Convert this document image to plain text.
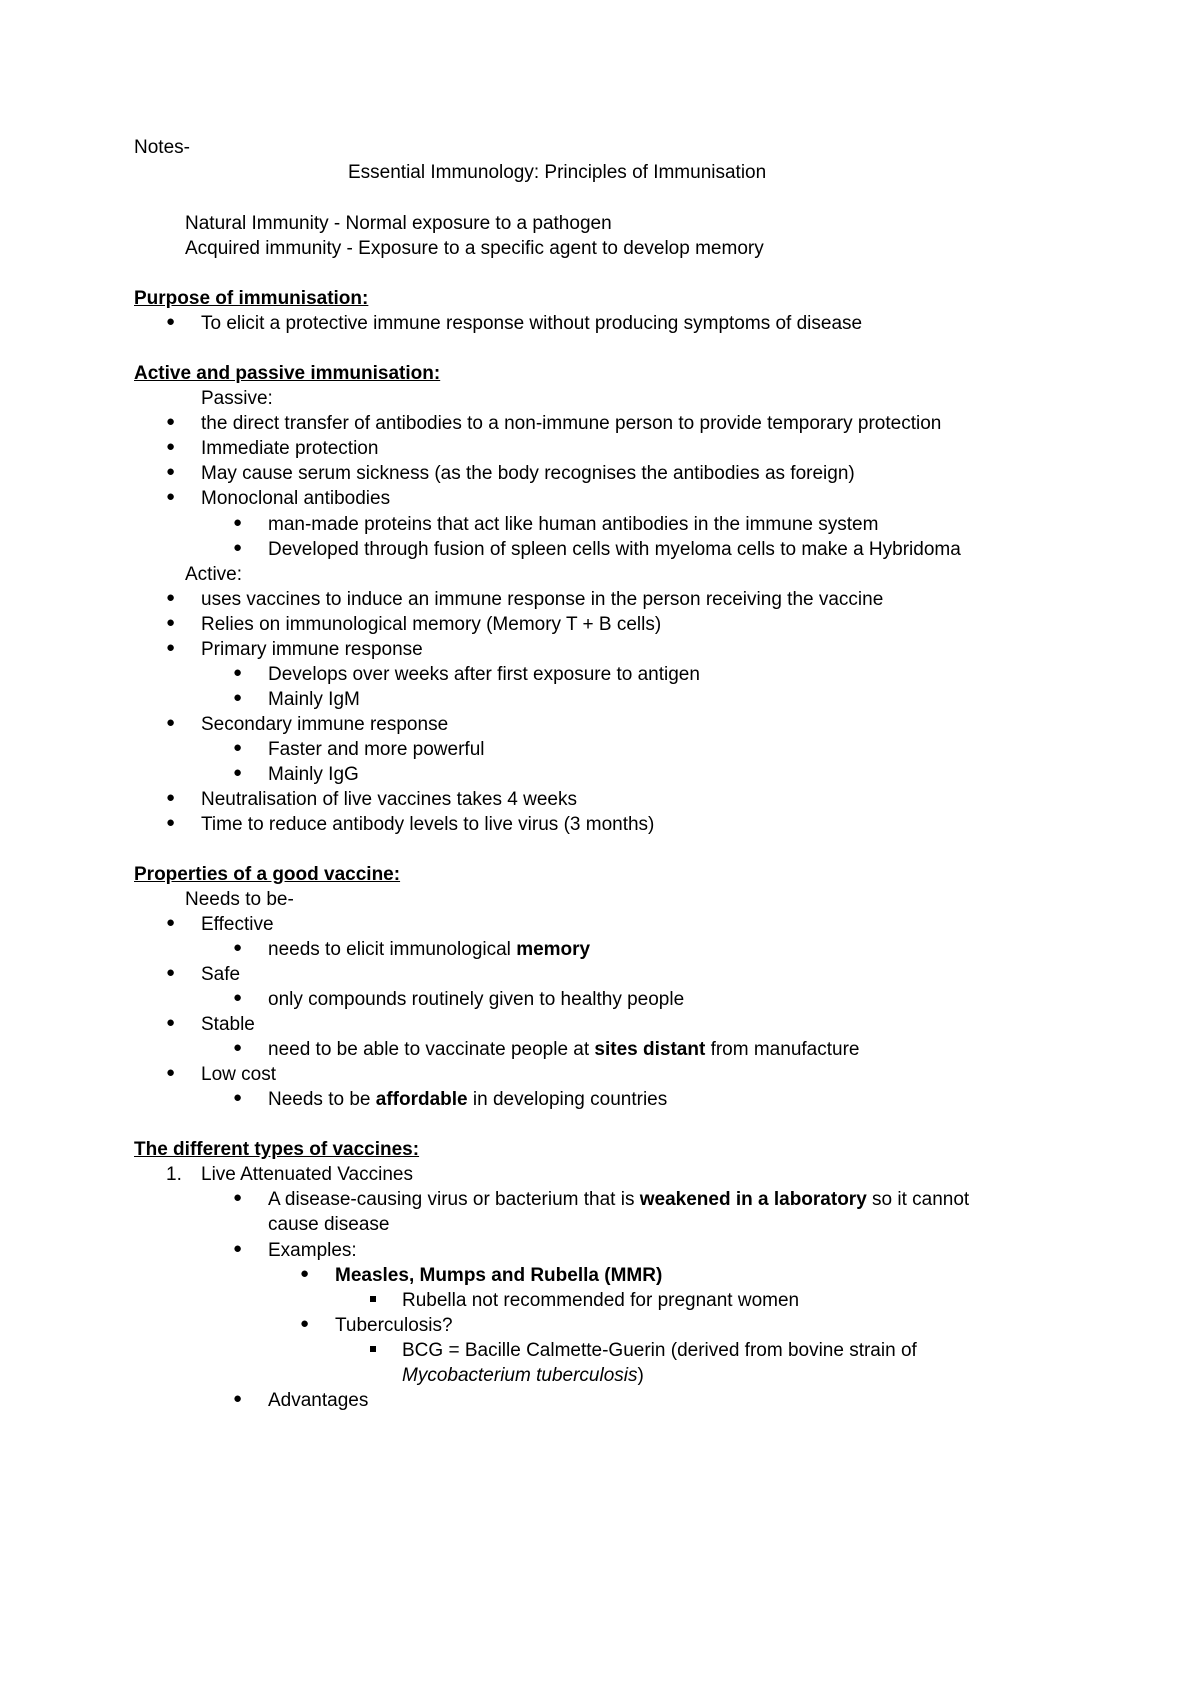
Notes-
Essential Immunology: Principles of Immunisation
Natural Immunity - Normal exposure to a pathogen
Acquired immunity - Exposure to a specific agent to develop memory
Purpose of immunisation:
● To elicit a protective immune response without producing symptoms of disease
Active and passive immunisation:
Passive:
● the direct transfer of antibodies to a non-immune person to provide temporary protection
● Immediate protection
● May cause serum sickness (as the body recognises the antibodies as foreign)
● Monoclonal antibodies
● man-made proteins that act like human antibodies in the immune system
● Developed through fusion of spleen cells with myeloma cells to make a Hybridoma
Active:
● uses vaccines to induce an immune response in the person receiving the vaccine
● Relies on immunological memory (Memory T + B cells)
● Primary immune response
● Develops over weeks after first exposure to antigen
● Mainly IgM
● Secondary immune response
● Faster and more powerful
● Mainly IgG
● Neutralisation of live vaccines takes 4 weeks
● Time to reduce antibody levels to live virus (3 months)
Properties of a good vaccine:
Needs to be-
● Effective
● needs to elicit immunological memory
● Safe
● only compounds routinely given to healthy people
● Stable
● need to be able to vaccinate people at sites distant from manufacture
● Low cost
● Needs to be affordable in developing countries
The different types of vaccines:
1. Live Attenuated Vaccines
● A disease-causing virus or bacterium that is weakened in a laboratory so it cannot
cause disease
● Examples:
● Measles, Mumps and Rubella (MMR)
Rubella not recommended for pregnant women
● Tuberculosis?
BCG = Bacille Calmette-Guerin (derived from bovine strain of
Mycobacterium tuberculosis)
● Advantages
